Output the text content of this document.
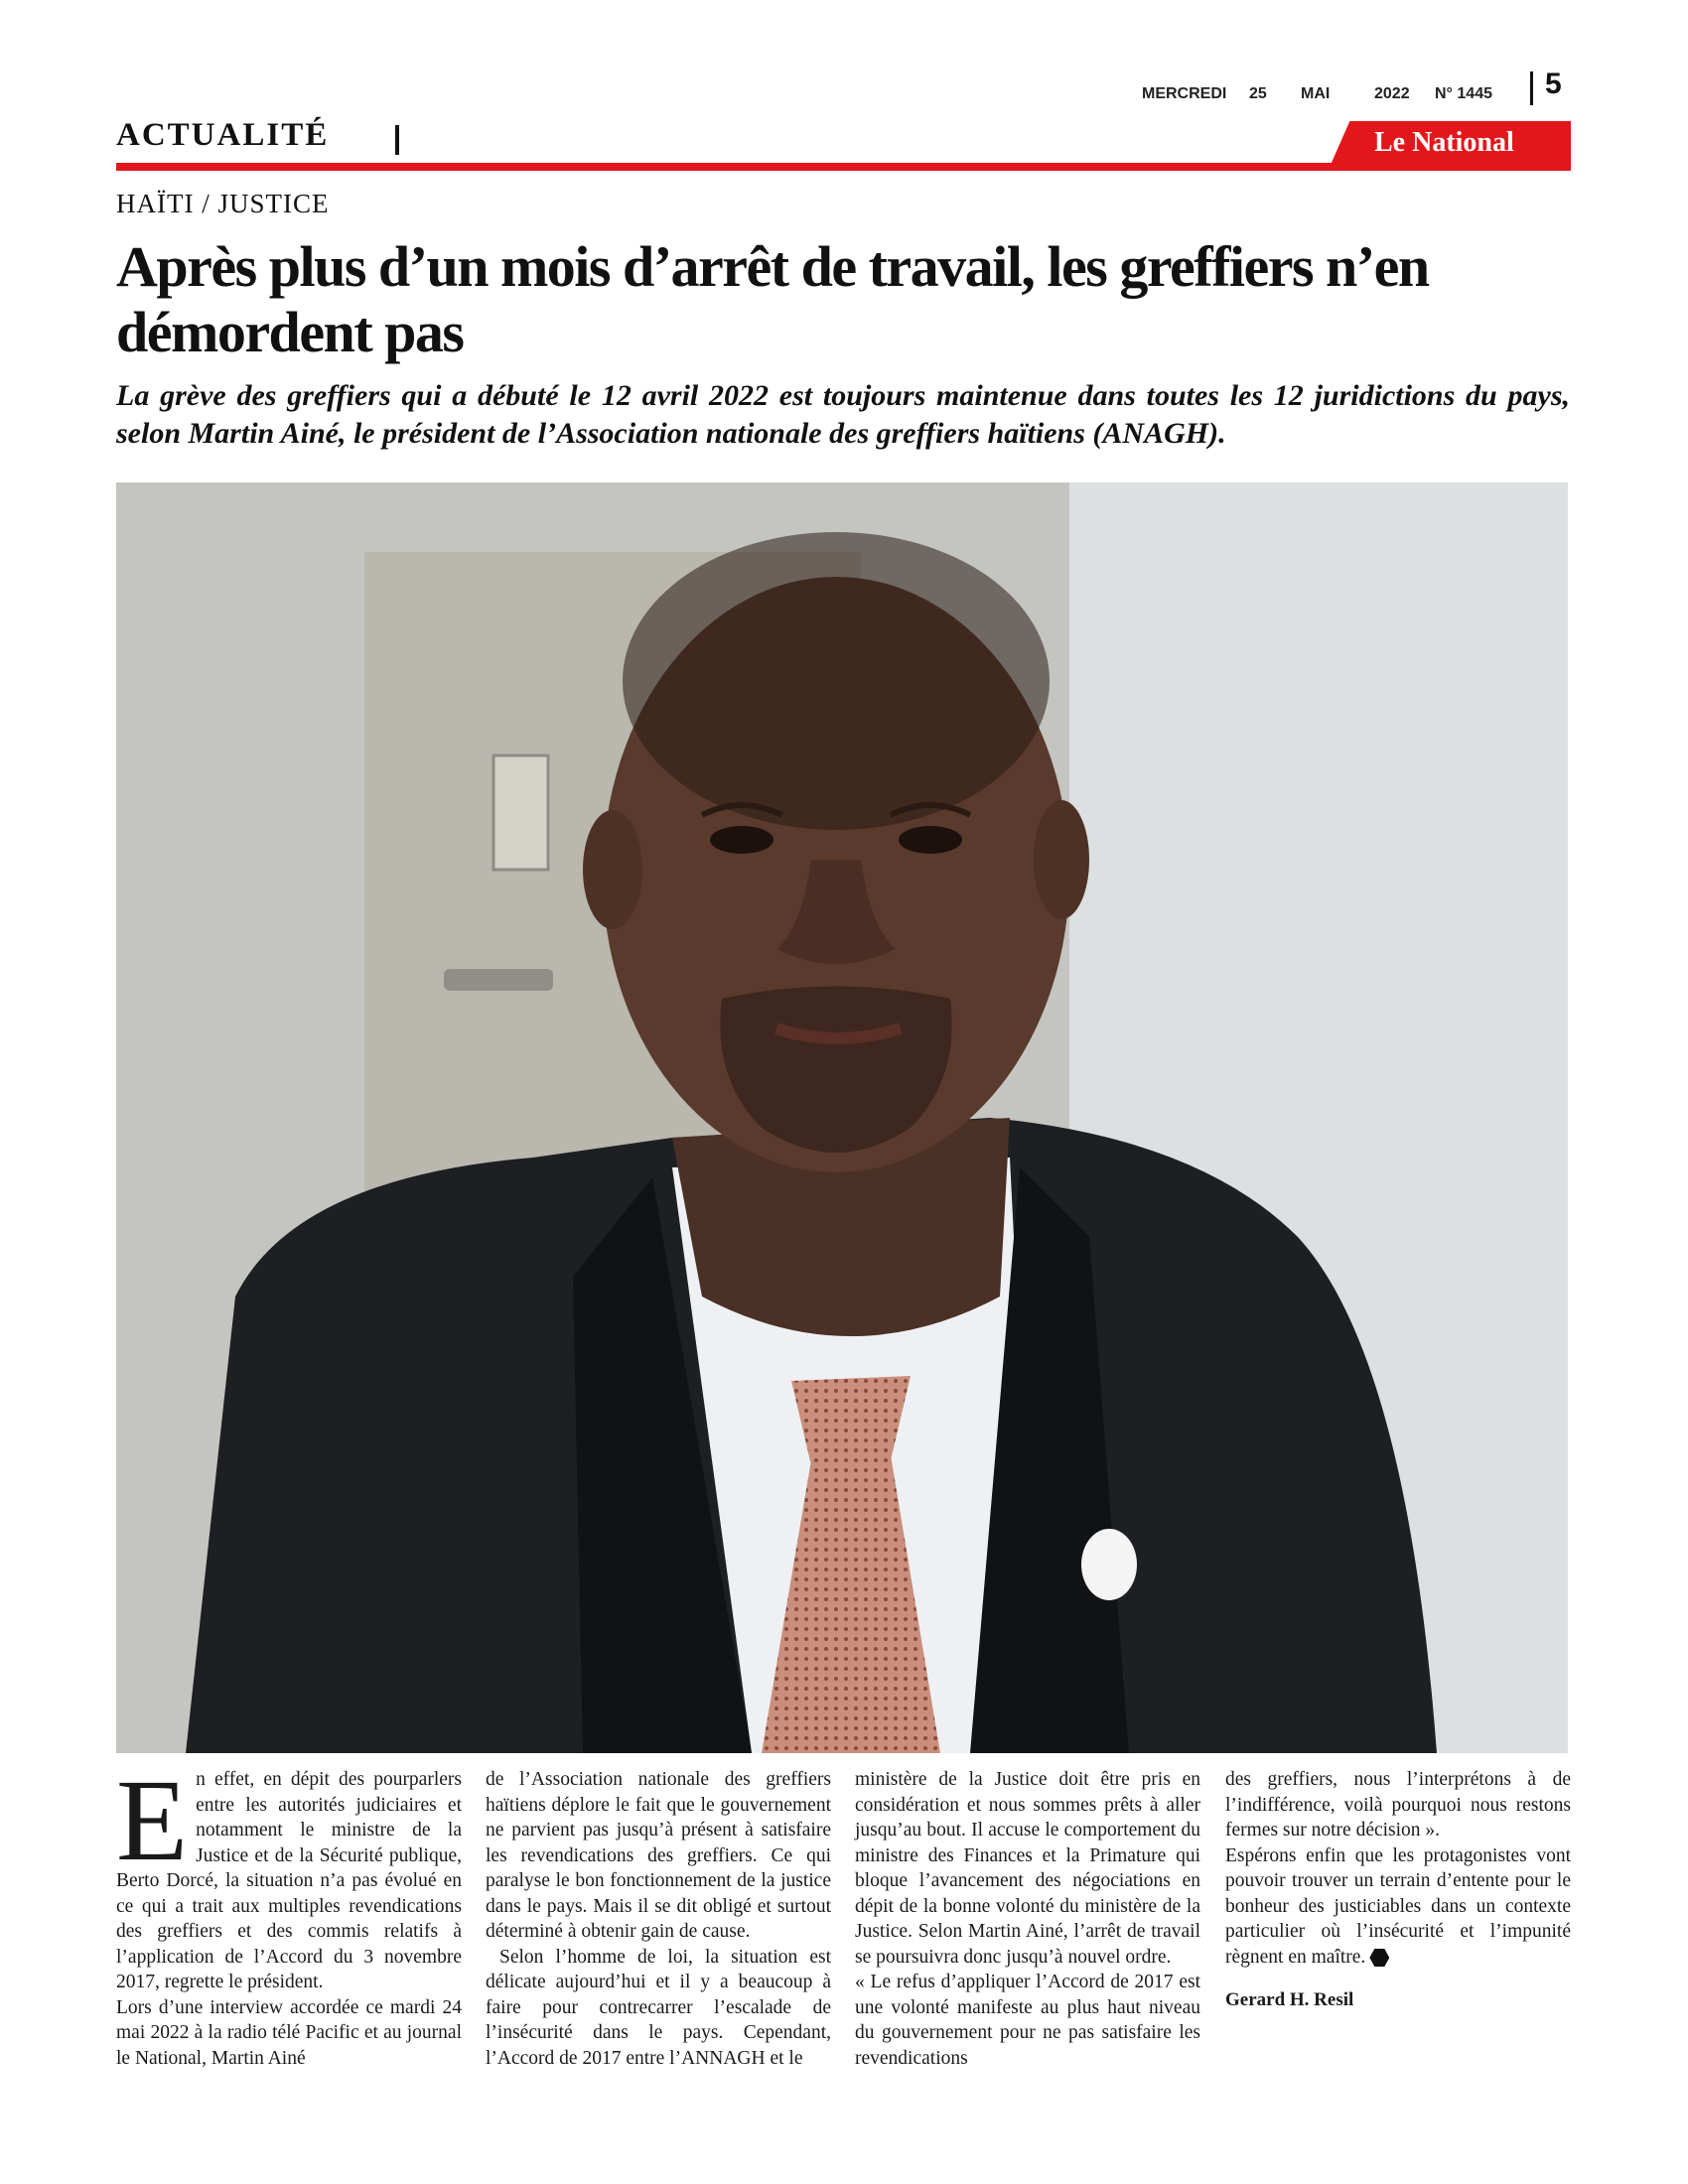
MERCREDI 25 MAI	2022 N° 1445 5
ACTUALITÉ	Le National
HAÏTI / JUSTICE
Après plus d’un mois d’arrêt de travail, les greffiers n’en démordent pas

La grève des greffiers qui a débuté le 12 avril 2022 est toujours maintenue dans toutes les 12 juridictions du pays, selon Martin Ainé, le président de l’Association nationale des greffiers haïtiens (ANAGH).

En effet, en dépit des pourparlers entre les autorités judiciaires et notamment le ministre de la Justice et de la Sécurité publique, Berto Dorcé, la situation n’a pas évolué en ce qui a trait aux multiples revendications des greffiers et des commis relatifs à l’application de l’Accord du 3 novembre 2017, regrette le président.

Lors d’une interview accordée ce mardi 24 mai 2022 à la radio télé Pacific et au journal le National, Martin Ainé

de l’Association nationale des greffiers haïtiens déplore le fait que le gouvernement ne parvient pas jusqu’à présent à satisfaire les revendications des greffiers. Ce qui paralyse le bon fonctionnement de la justice dans le pays. Mais il se dit obligé et surtout déterminé à obtenir gain de cause.

Selon l’homme de loi, la situation est délicate aujourd’hui et il y a beaucoup à faire pour contrecarrer l’escalade de l’insécurité dans le pays. Cependant, l’Accord de 2017 entre l’ANNAGH et le

ministère de la Justice doit être pris en considération et nous sommes prêts à aller jusqu’au bout. Il accuse le comportement du ministre des Finances et la Primature qui bloque l’avancement des négociations en dépit de la bonne volonté du ministère de la Justice. Selon Martin Ainé, l’arrêt de travail se poursuivra donc jusqu’à nouvel ordre.

« Le refus d’appliquer l’Accord de 2017 est une volonté manifeste au plus haut niveau du gouvernement pour ne pas satisfaire les revendications

des greffiers, nous l’interprétons à de l’indifférence, voilà pourquoi nous restons fermes sur notre décision ».

Espérons enfin que les protagonistes vont pouvoir trouver un terrain d’entente pour le bonheur des justiciables dans un contexte particulier où l’insécurité et l’impunité règnent en maître.

Gerard H. Resil
